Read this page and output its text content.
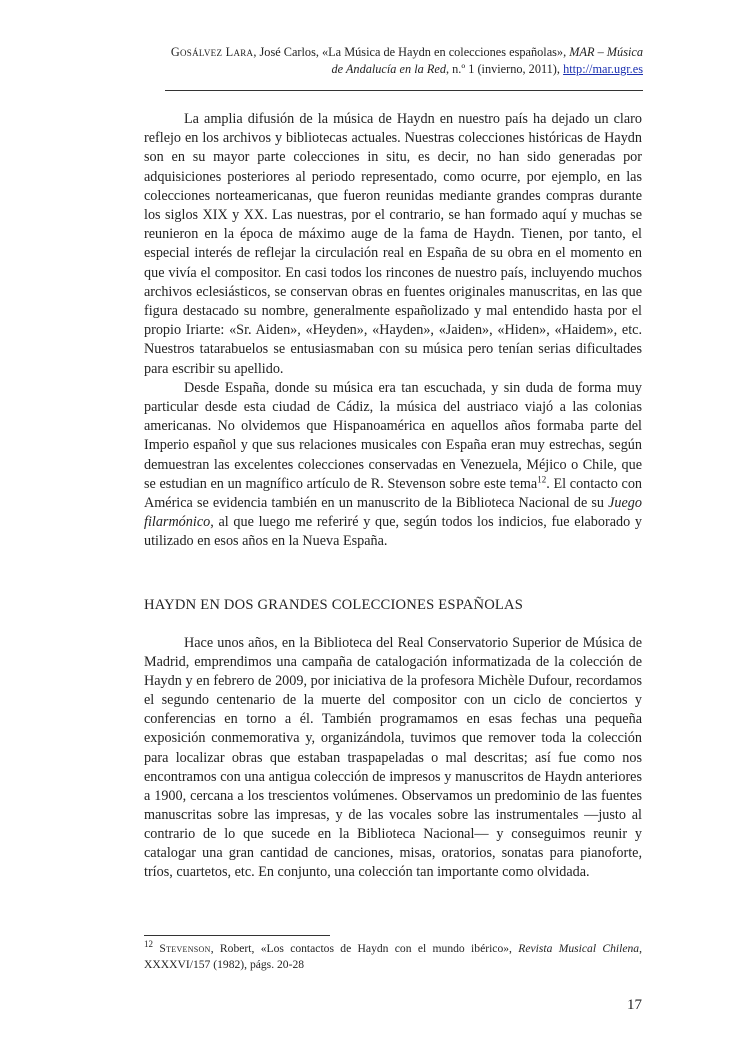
Gosálvez Lara, José Carlos, «La Música de Haydn en colecciones españolas», MAR – Música de Andalucía en la Red, n.º 1 (invierno, 2011), http://mar.ugr.es

La amplia difusión de la música de Haydn en nuestro país ha dejado un claro reflejo en los archivos y bibliotecas actuales. Nuestras colecciones históricas de Haydn son en su mayor parte colecciones in situ, es decir, no han sido generadas por adquisiciones posteriores al periodo representado, como ocurre, por ejemplo, en las colecciones norteamericanas, que fueron reunidas mediante grandes compras durante los siglos XIX y XX. Las nuestras, por el contrario, se han formado aquí y muchas se reunieron en la época de máximo auge de la fama de Haydn. Tienen, por tanto, el especial interés de reflejar la circulación real en España de su obra en el momento en que vivía el compositor. En casi todos los rincones de nuestro país, incluyendo muchos archivos eclesiásticos, se conservan obras en fuentes originales manuscritas, en las que figura destacado su nombre, generalmente españolizado y mal entendido hasta por el propio Iriarte: «Sr. Aiden», «Heyden», «Hayden», «Jaiden», «Hiden», «Haidem», etc. Nuestros tatarabuelos se entusiasmaban con su música pero tenían serias dificultades para escribir su apellido.

Desde España, donde su música era tan escuchada, y sin duda de forma muy particular desde esta ciudad de Cádiz, la música del austriaco viajó a las colonias americanas. No olvidemos que Hispanoamérica en aquellos años formaba parte del Imperio español y que sus relaciones musicales con España eran muy estrechas, según demuestran las excelentes colecciones conservadas en Venezuela, Méjico o Chile, que se estudian en un magnífico artículo de R. Stevenson sobre este tema$^{12}$. El contacto con América se evidencia también en un manuscrito de la Biblioteca Nacional de su Juego filarmónico, al que luego me referiré y que, según todos los indicios, fue elaborado y utilizado en esos años en la Nueva España.

HAYDN EN DOS GRANDES COLECCIONES ESPAÑOLAS

Hace unos años, en la Biblioteca del Real Conservatorio Superior de Música de Madrid, emprendimos una campaña de catalogación informatizada de la colección de Haydn y en febrero de 2009, por iniciativa de la profesora Michèle Dufour, recordamos el segundo centenario de la muerte del compositor con un ciclo de conciertos y conferencias en torno a él. También programamos en esas fechas una pequeña exposición conmemorativa y, organizándola, tuvimos que remover toda la colección para localizar obras que estaban traspapeladas o mal descritas; así fue como nos encontramos con una antigua colección de impresos y manuscritos de Haydn anteriores a 1900, cercana a los trescientos volúmenes. Observamos un predominio de las fuentes manuscritas sobre las impresas, y de las vocales sobre las instrumentales —justo al contrario de lo que sucede en la Biblioteca Nacional— y conseguimos reunir y catalogar una gran cantidad de canciones, misas, oratorios, sonatas para pianoforte, tríos, cuartetos, etc. En conjunto, una colección tan importante como olvidada.

$^{12}$ Stevenson, Robert, «Los contactos de Haydn con el mundo ibérico», Revista Musical Chilena, XXXXVI/157 (1982), págs. 20-28
17
